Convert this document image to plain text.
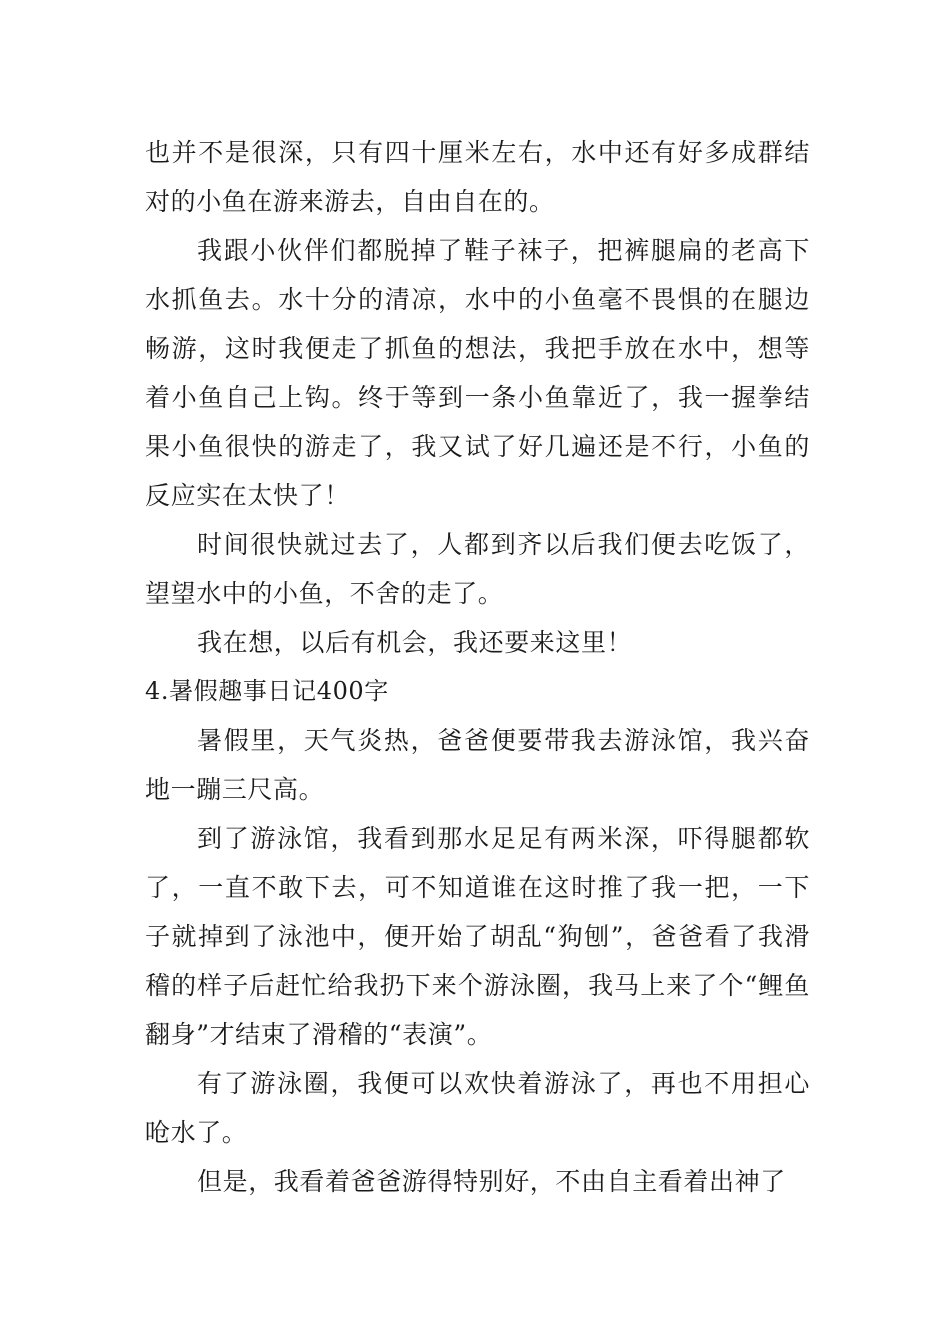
也并不是很深，只有四十厘米左右，水中还有好多成群结对的小鱼在游来游去，自由自在的。

我跟小伙伴们都脱掉了鞋子袜子，把裤腿扁的老高下水抓鱼去。水十分的清凉，水中的小鱼毫不畏惧的在腿边畅游，这时我便走了抓鱼的想法，我把手放在水中，想等着小鱼自己上钩。终于等到一条小鱼靠近了，我一握拳结果小鱼很快的游走了，我又试了好几遍还是不行，小鱼的反应实在太快了！

时间很快就过去了，人都到齐以后我们便去吃饭了，望望水中的小鱼，不舍的走了。

我在想，以后有机会，我还要来这里！

4.暑假趣事日记400字

暑假里，天气炎热，爸爸便要带我去游泳馆，我兴奋地一蹦三尺高。

到了游泳馆，我看到那水足足有两米深，吓得腿都软了，一直不敢下去，可不知道谁在这时推了我一把，一下子就掉到了泳池中，便开始了胡乱“狗刨”，爸爸看了我滑稽的样子后赶忙给我扔下来个游泳圈，我马上来了个“鲤鱼翻身”才结束了滑稽的“表演”。

有了游泳圈，我便可以欢快着游泳了，再也不用担心呛水了。

但是，我看着爸爸游得特别好，不由自主看着出神了
